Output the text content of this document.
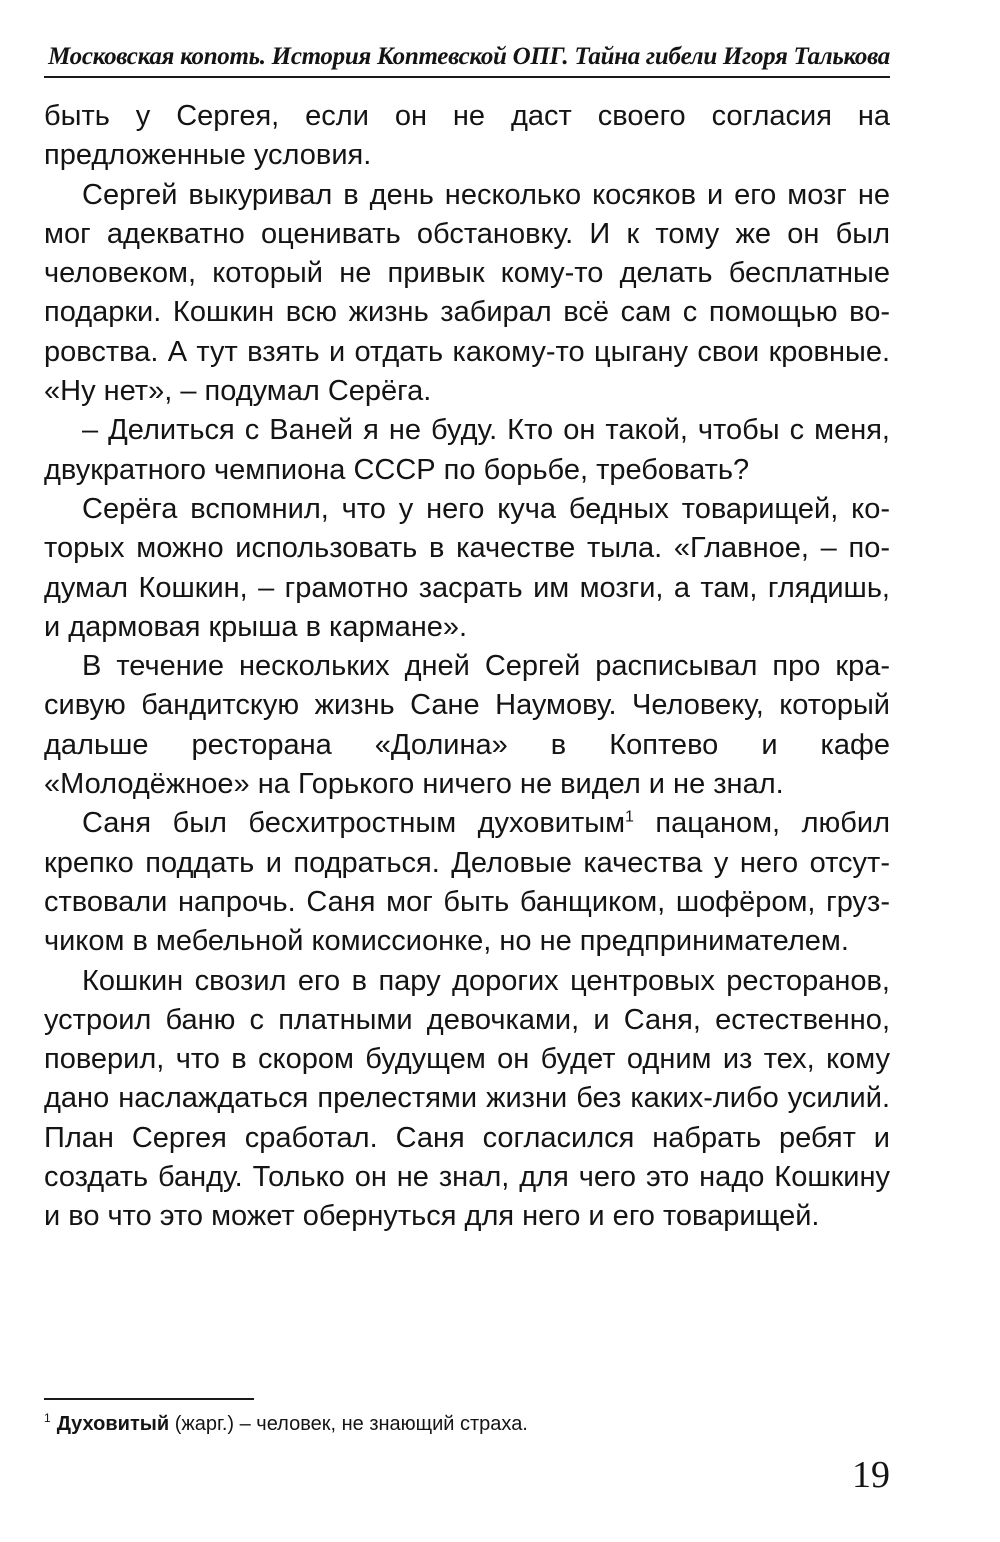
Московская копоть. История Коптевской ОПГ. Тайна гибели Игоря Талькова

быть у Сергея, если он не даст своего согласия на предложенные условия.

Сергей выкуривал в день несколько косяков и его мозг не мог адекватно оценивать обстановку. И к тому же он был человеком, который не привык кому-то делать бесплатные подарки. Кошкин всю жизнь забирал всё сам с помощью воровства. А тут взять и отдать какому-то цыгану свои кровные. «Ну нет», – подумал Серёга.

– Делиться с Ваней я не буду. Кто он такой, чтобы с меня, двукратного чемпиона СССР по борьбе, требовать?

Серёга вспомнил, что у него куча бедных товарищей, которых можно использовать в качестве тыла. «Главное, – подумал Кошкин, – грамотно засрать им мозги, а там, глядишь, и дармовая крыша в кармане».

В течение нескольких дней Сергей расписывал про красивую бандитскую жизнь Сане Наумову. Человеку, который дальше ресторана «Долина» в Коптево и кафе «Молодёжное» на Горького ничего не видел и не знал.

Саня был бесхитростным духовитым$^1$ пацаном, любил крепко поддать и подраться. Деловые качества у него отсутствовали напрочь. Саня мог быть банщиком, шофёром, грузчиком в мебельной комиссионке, но не предпринимателем.

Кошкин свозил его в пару дорогих центровых ресторанов, устроил баню с платными девочками, и Саня, естественно, поверил, что в скором будущем он будет одним из тех, кому дано наслаждаться прелестями жизни без каких-либо усилий. План Сергея сработал. Саня согласился набрать ребят и создать банду. Только он не знал, для чего это надо Кошкину и во что это может обернуться для него и его товарищей.

$^1$ Духовитый (жарг.) – человек, не знающий страха.
19
